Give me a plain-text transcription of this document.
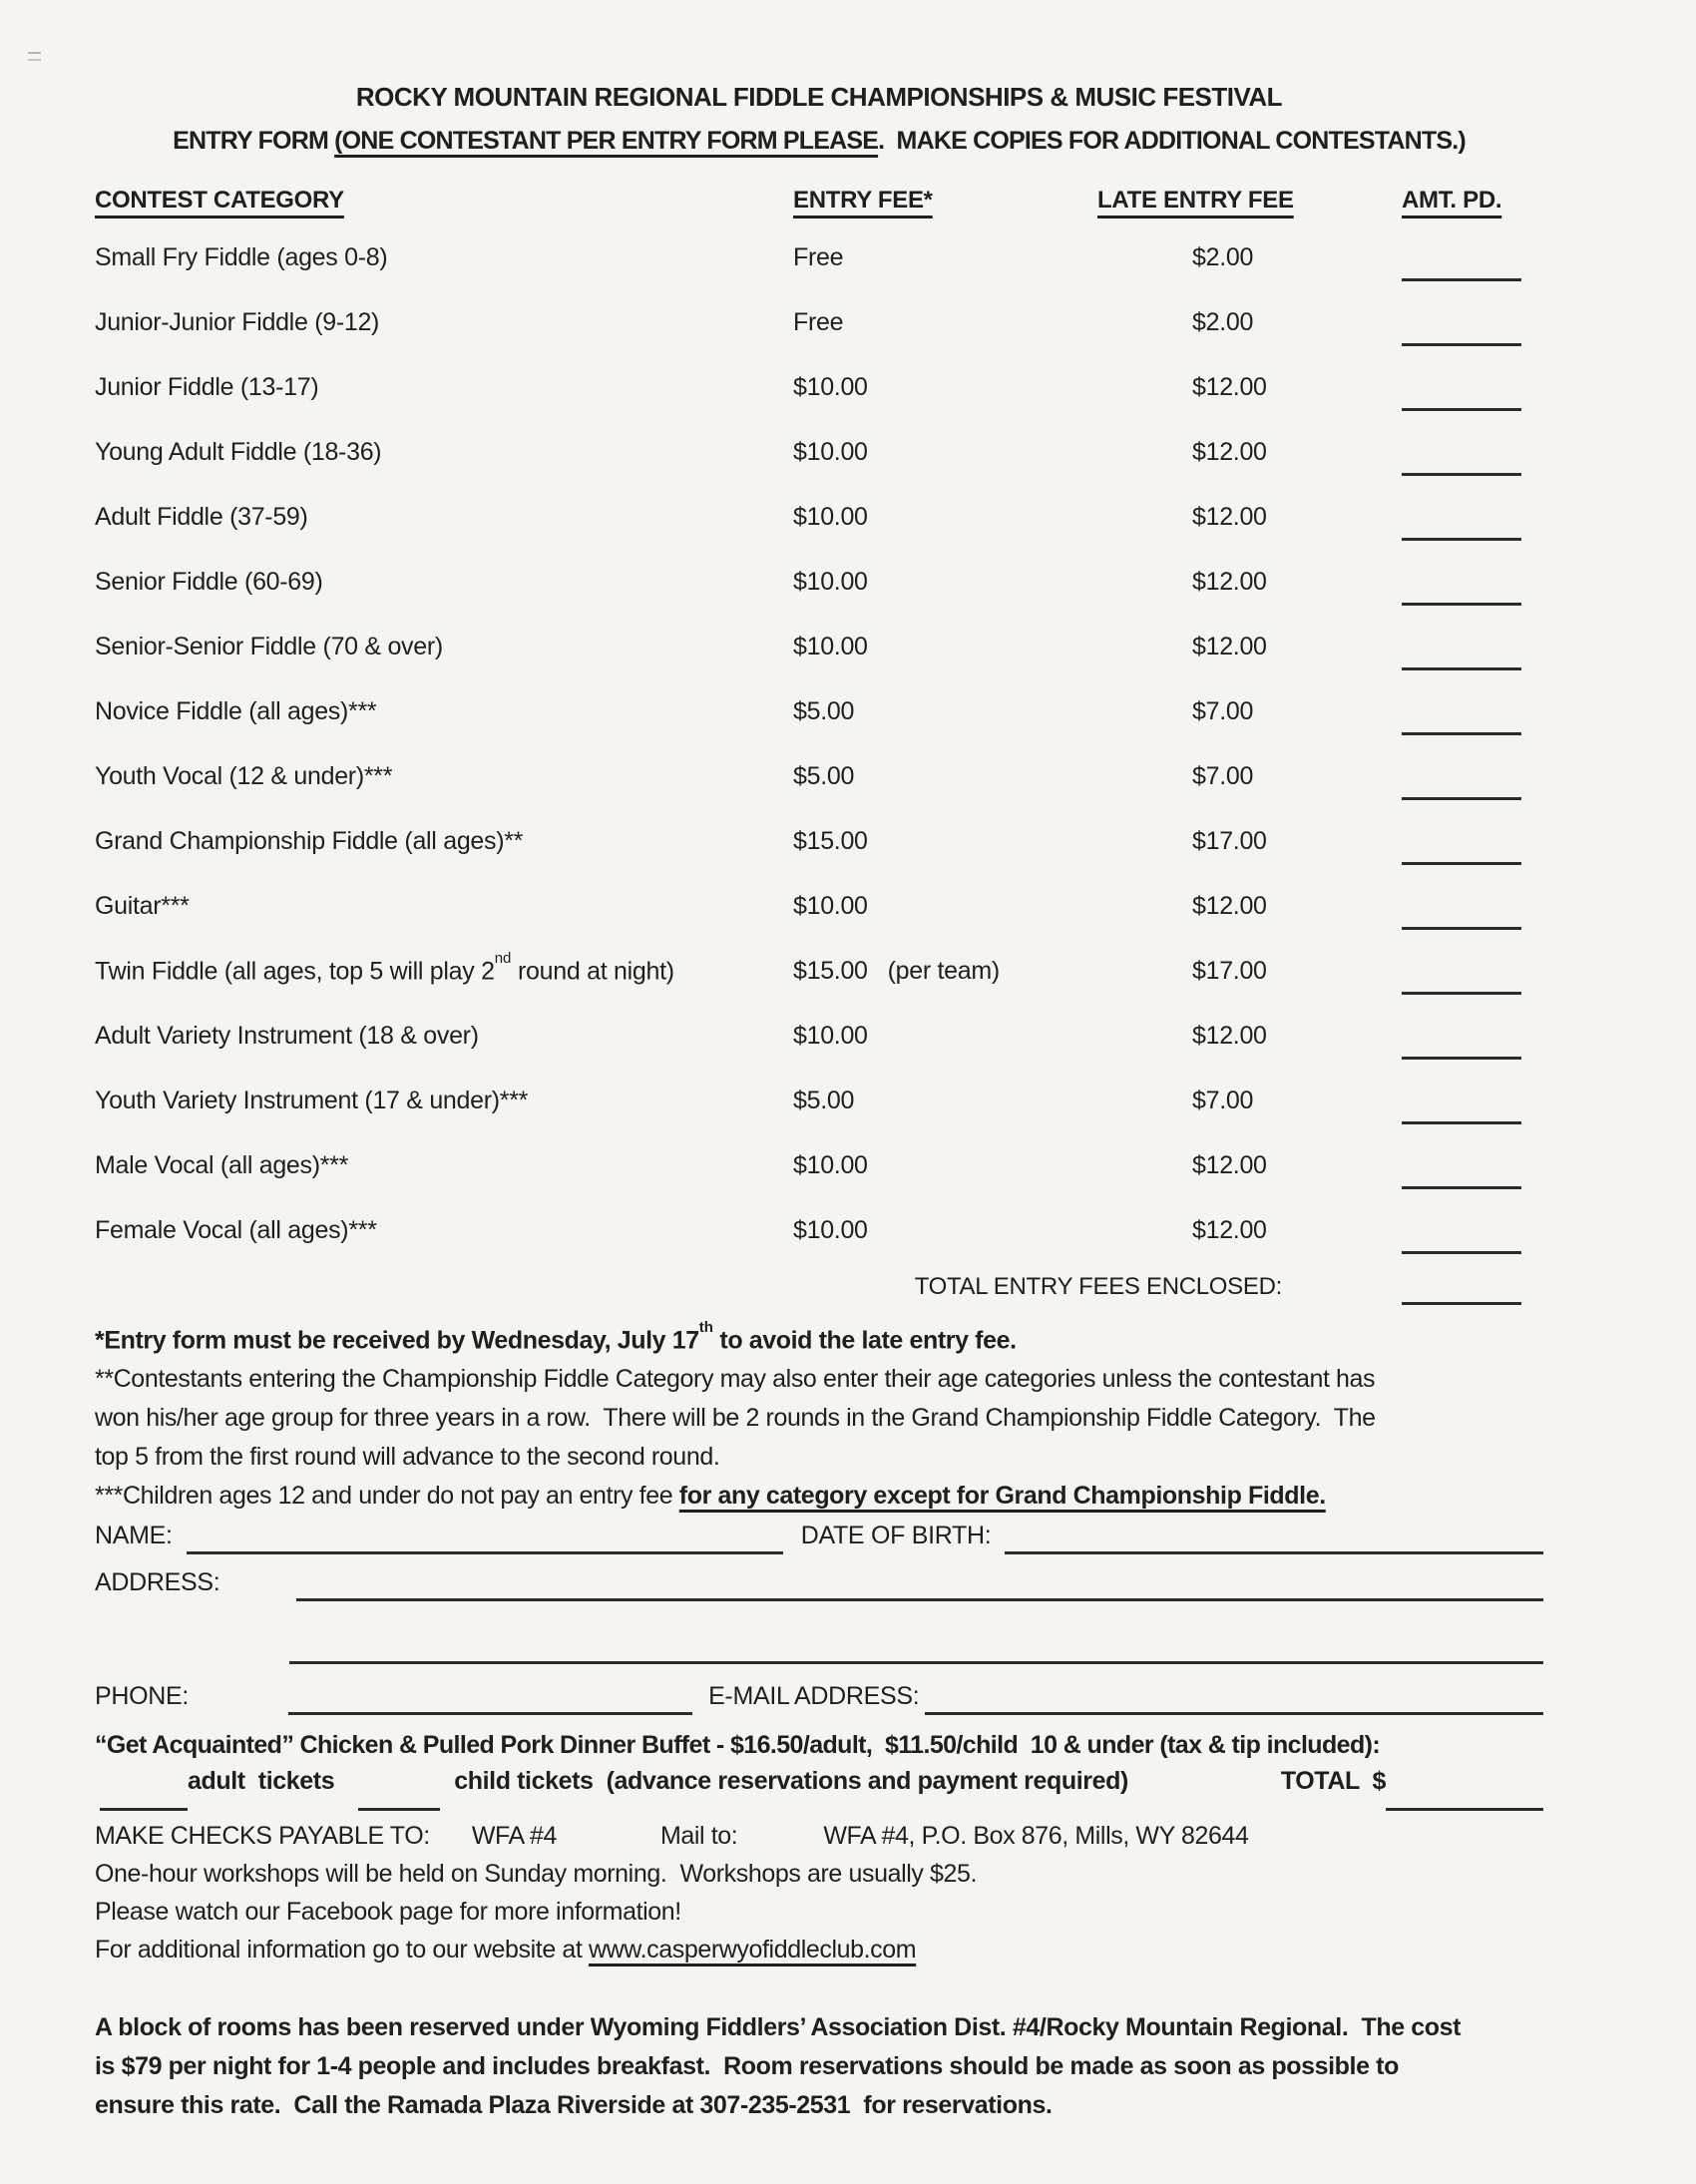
ROCKY MOUNTAIN REGIONAL FIDDLE CHAMPIONSHIPS & MUSIC FESTIVAL
ENTRY FORM (ONE CONTESTANT PER ENTRY FORM PLEASE.  MAKE COPIES FOR ADDITIONAL CONTESTANTS.)
CONTEST CATEGORY	ENTRY FEE*	LATE ENTRY FEE	AMT. PD.
Small Fry Fiddle (ages 0-8)	Free	$2.00
Junior-Junior Fiddle (9-12)	Free	$2.00
Junior Fiddle (13-17)	$10.00	$12.00
Young Adult Fiddle (18-36)	$10.00	$12.00
Adult Fiddle (37-59)	$10.00	$12.00
Senior Fiddle (60-69)	$10.00	$12.00
Senior-Senior Fiddle (70 & over)	$10.00	$12.00
Novice Fiddle (all ages)***	$5.00	$7.00
Youth Vocal (12 & under)***	$5.00	$7.00
Grand Championship Fiddle (all ages)**	$15.00	$17.00
Guitar***	$10.00	$12.00
Twin Fiddle (all ages, top 5 will play 2nd round at night)	$15.00   (per team)	$17.00
Adult Variety Instrument (18 & over)	$10.00	$12.00
Youth Variety Instrument (17 & under)***	$5.00	$7.00
Male Vocal (all ages)***	$10.00	$12.00
Female Vocal (all ages)***	$10.00	$12.00
TOTAL ENTRY FEES ENCLOSED:
*Entry form must be received by Wednesday, July 17th to avoid the late entry fee.
**Contestants entering the Championship Fiddle Category may also enter their age categories unless the contestant has
won his/her age group for three years in a row.  There will be 2 rounds in the Grand Championship Fiddle Category.  The
top 5 from the first round will advance to the second round.
***Children ages 12 and under do not pay an entry fee for any category except for Grand Championship Fiddle.
NAME:	DATE OF BIRTH:
ADDRESS:
PHONE:	E-MAIL ADDRESS:
“Get Acquainted” Chicken & Pulled Pork Dinner Buffet - $16.50/adult,  $11.50/child  10 & under (tax & tip included):
adult  tickets	child tickets  (advance reservations and payment required)	TOTAL  $
MAKE CHECKS PAYABLE TO: WFA #4	Mail to:	WFA #4, P.O. Box 876, Mills, WY 82644
One-hour workshops will be held on Sunday morning.  Workshops are usually $25.
Please watch our Facebook page for more information!
For additional information go to our website at www.casperwyofiddleclub.com
A block of rooms has been reserved under Wyoming Fiddlers’ Association Dist. #4/Rocky Mountain Regional.  The cost
is $79 per night for 1-4 people and includes breakfast.  Room reservations should be made as soon as possible to
ensure this rate.  Call the Ramada Plaza Riverside at 307-235-2531  for reservations.
